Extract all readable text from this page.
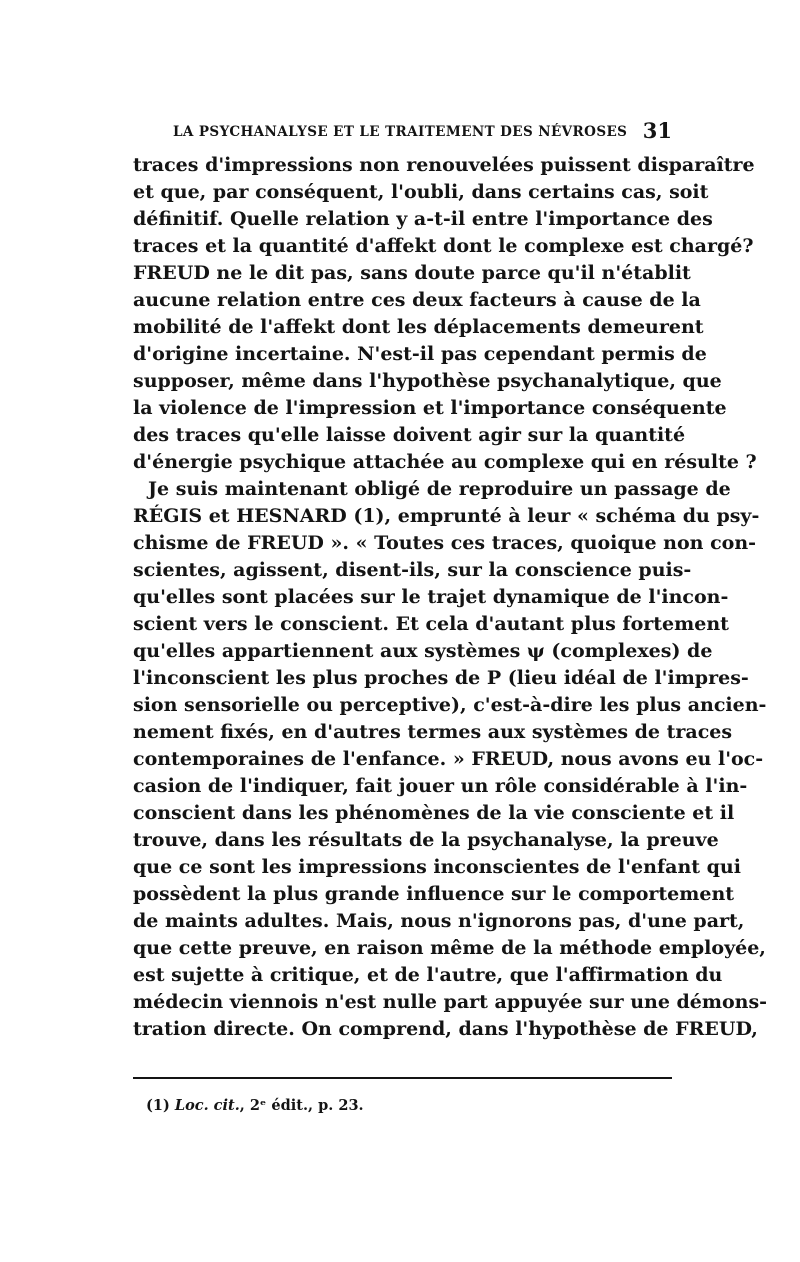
LA PSYCHANALYSE ET LE TRAITEMENT DES NÉVROSES 31
traces d'impressions non renouvelées puissent disparaître
et que, par conséquent, l'oubli, dans certains cas, soit
définitif. Quelle relation y a-t-il entre l'importance des
traces et la quantité d'affekt dont le complexe est chargé?
FREUD ne le dit pas, sans doute parce qu'il n'établit
aucune relation entre ces deux facteurs à cause de la
mobilité de l'affekt dont les déplacements demeurent
d'origine incertaine. N'est-il pas cependant permis de
supposer, même dans l'hypothèse psychanalytique, que
la violence de l'impression et l'importance conséquente
des traces qu'elle laisse doivent agir sur la quantité
d'énergie psychique attachée au complexe qui en résulte ?
Je suis maintenant obligé de reproduire un passage de
RÉGIS et HESNARD (1), emprunté à leur « schéma du psy-
chisme de FREUD ». « Toutes ces traces, quoique non con-
scientes, agissent, disent-ils, sur la conscience puis-
qu'elles sont placées sur le trajet dynamique de l'incon-
scient vers le conscient. Et cela d'autant plus fortement
qu'elles appartiennent aux systèmes ψ (complexes) de
l'inconscient les plus proches de P (lieu idéal de l'impres-
sion sensorielle ou perceptive), c'est-à-dire les plus ancien-
nement fixés, en d'autres termes aux systèmes de traces
contemporaines de l'enfance. » FREUD, nous avons eu l'oc-
casion de l'indiquer, fait jouer un rôle considérable à l'in-
conscient dans les phénomènes de la vie consciente et il
trouve, dans les résultats de la psychanalyse, la preuve
que ce sont les impressions inconscientes de l'enfant qui
possèdent la plus grande influence sur le comportement
de maints adultes. Mais, nous n'ignorons pas, d'une part,
que cette preuve, en raison même de la méthode employée,
est sujette à critique, et de l'autre, que l'affirmation du
médecin viennois n'est nulle part appuyée sur une démons-
tration directe. On comprend, dans l'hypothèse de FREUD,
(1) Loc. cit., 2ᵉ édit., p. 23.
